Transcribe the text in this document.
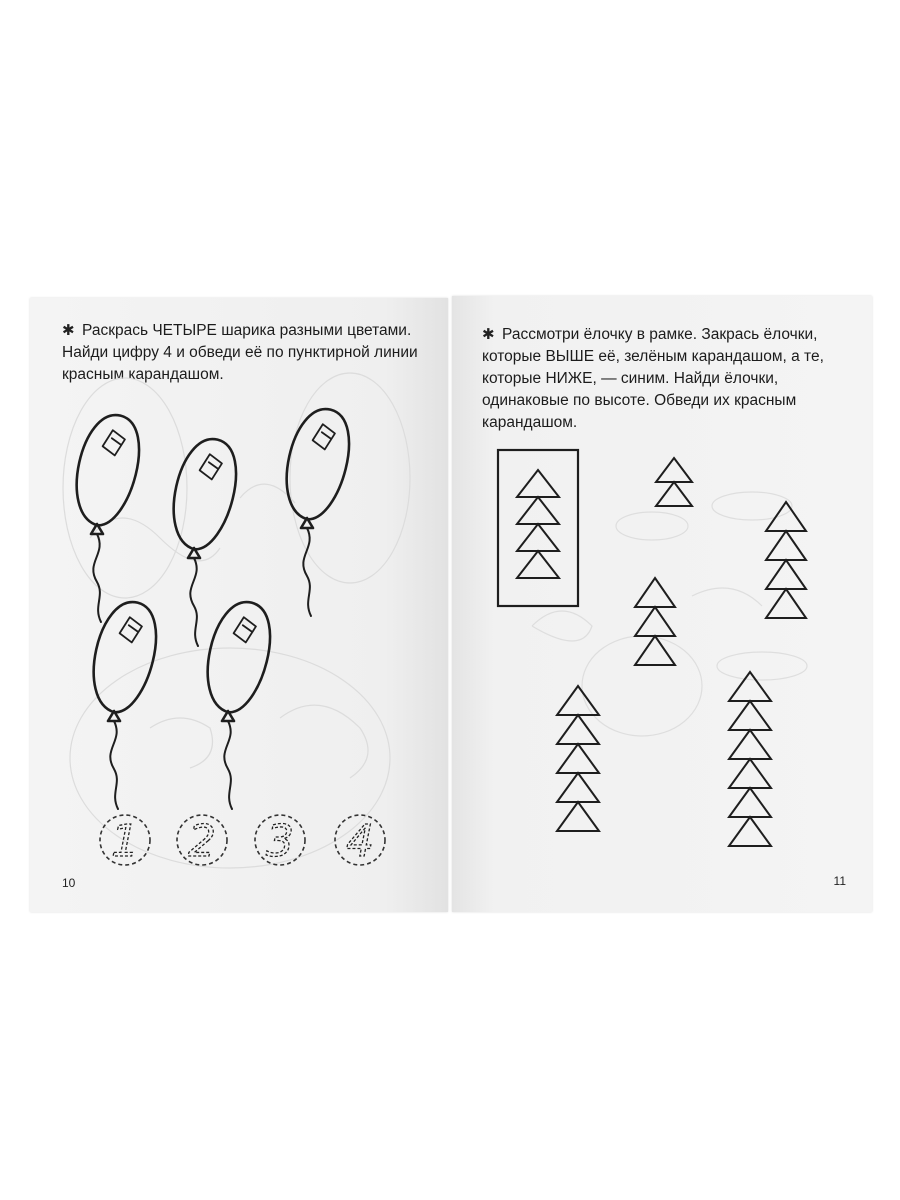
✱ Раскрась ЧЕТЫРЕ шарика разными цветами. Найди цифру 4 и обведи её по пунктирной линии красным карандашом.

1 2 3 4
10

✱ Рассмотри ёлочку в рамке. Закрась ёлочки, которые ВЫШЕ её, зелёным карандашом, а те, которые НИЖЕ, — синим. Найди ёлочки, одинаковые по высоте. Обведи их красным карандашом.

11
